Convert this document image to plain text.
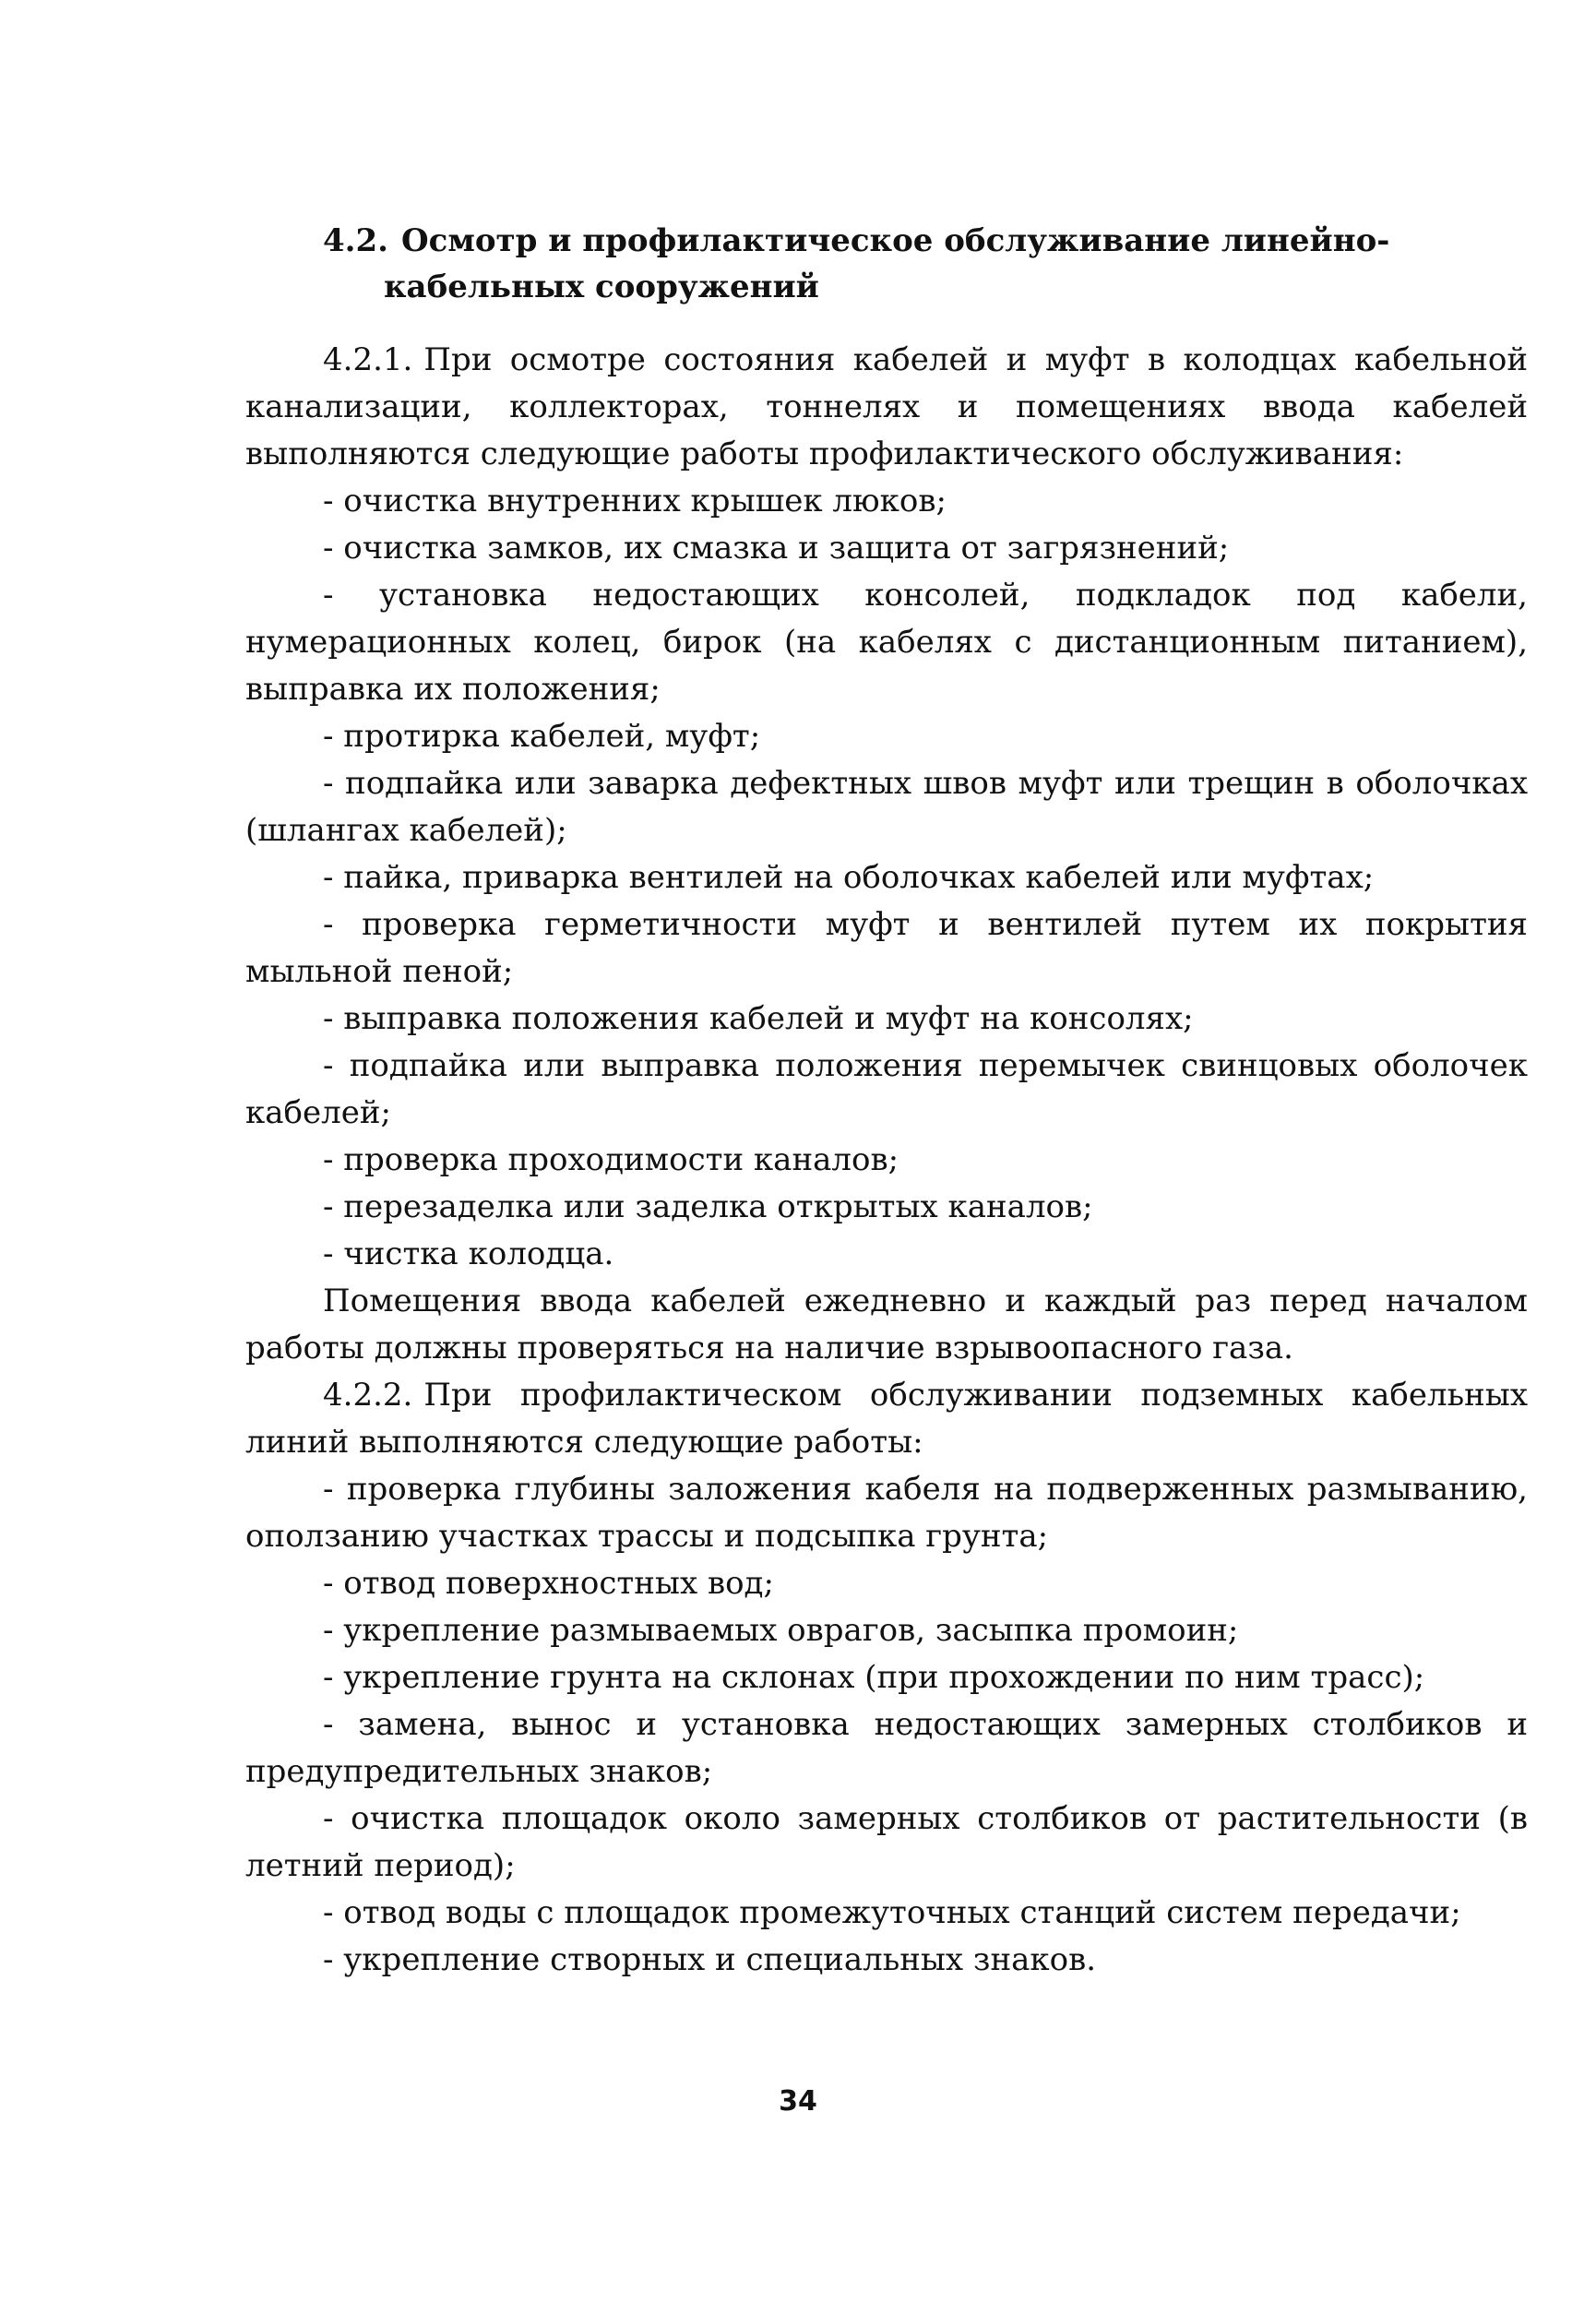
4.2. Осмотр и профилактическое обслуживание линейно-
кабельных сооружений

4.2.1. При осмотре состояния кабелей и муфт в колодцах кабельной канализации, коллекторах, тоннелях и помещениях ввода кабелей выполняются следующие работы профилактического обслуживания:

- очистка внутренних крышек люков;

- очистка замков, их смазка и защита от загрязнений;

- установка недостающих консолей, подкладок под кабели, нумерационных колец, бирок (на кабелях с дистанционным питанием), выправка их положения;

- протирка кабелей, муфт;

- подпайка или заварка дефектных швов муфт или трещин в оболочках (шлангах кабелей);

- пайка, приварка вентилей на оболочках кабелей или муфтах;

- проверка герметичности муфт и вентилей путем их покрытия мыльной пеной;

- выправка положения кабелей и муфт на консолях;

- подпайка или выправка положения перемычек свинцовых оболочек кабелей;

- проверка проходимости каналов;

- перезаделка или заделка открытых каналов;

- чистка колодца.

Помещения ввода кабелей ежедневно и каждый раз перед началом работы должны проверяться на наличие взрывоопасного газа.

4.2.2. При профилактическом обслуживании подземных кабельных линий выполняются следующие работы:

- проверка глубины заложения кабеля на подверженных размыванию, оползанию участках трассы и подсыпка грунта;

- отвод поверхностных вод;

- укрепление размываемых оврагов, засыпка промоин;

- укрепление грунта на склонах (при прохождении по ним трасс);

- замена, вынос и установка недостающих замерных столбиков и предупредительных знаков;

- очистка площадок около замерных столбиков от растительности (в летний период);

- отвод воды с площадок промежуточных станций систем передачи;

- укрепление створных и специальных знаков.

34
